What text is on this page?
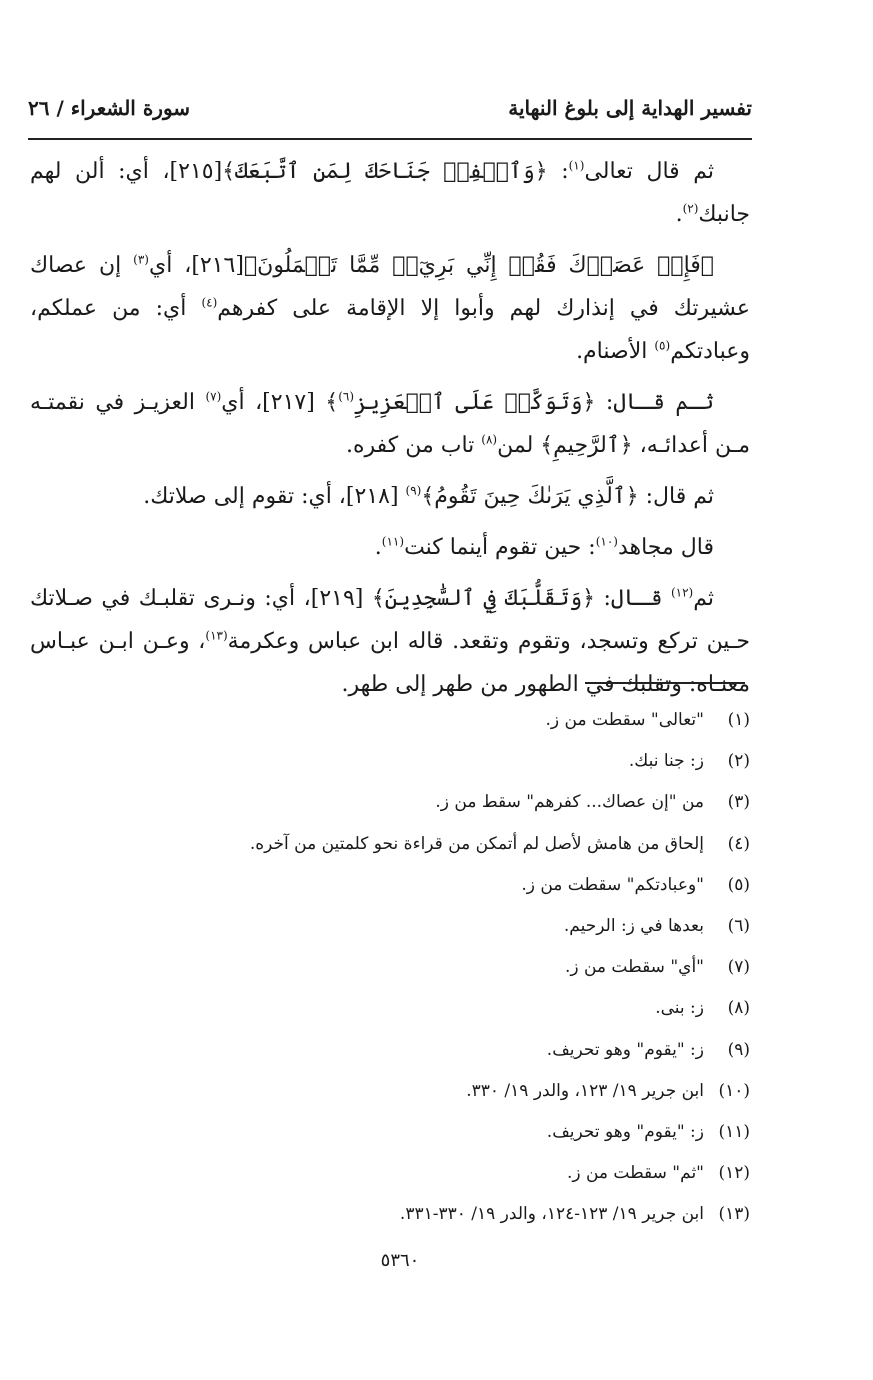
تفسير الهداية إلى بلوغ النهاية
سورة الشعراء / ٢٦

ثم قال تعالى$^{(١)}$: ﴿وَٱخۡفِضۡ جَنَاحَكَ لِمَنِ ٱتَّبَعَكَ﴾[٢١٥]، أي: ألن لهم جانبك$^{(٢)}$.

﴿فَإِنۡ عَصَوۡكَ فَقُلۡ إِنِّي بَرِيٓءٞ مِّمَّا تَعۡمَلُونَ﴾[٢١٦]، أي$^{(٣)}$ إن عصاك عشيرتك في إنذارك لهم وأبوا إلا الإقامة على كفرهم$^{(٤)}$ أي: من عملكم، وعبادتكم$^{(٥)}$ الأصنام.

ثـم قـال: ﴿وَتَوَكَّلۡ عَلَى ٱلۡعَزِيزِ$^{(٦)}$﴾ [٢١٧]، أي$^{(٧)}$ العزيـز في نقمتـه مـن أعدائـه، ﴿ٱلرَّحِيمِ﴾ لمن$^{(٨)}$ تاب من كفره.

ثم قال: ﴿ٱلَّذِي يَرَىٰكَ حِينَ تَقُومُ﴾$^{(٩)}$ [٢١٨]، أي: تقوم إلى صلاتك.

قال مجاهد$^{(١٠)}$: حين تقوم أينما كنت$^{(١١)}$.

ثم$^{(١٢)}$ قـال: ﴿وَتَقَلُّبَكَ فِي ٱلسَّٰجِدِينَ﴾ [٢١٩]، أي: ونـرى تقلبـك في صـلاتك حـين تركع وتسجد، وتقوم وتقعد. قاله ابن عباس وعكرمة$^{(١٣)}$، وعـن ابـن عبـاس معنـاه: وتقلبك في الطهور من طهر إلى طهر.

(١)"تعالى" سقطت من ز.
(٢)ز: جنا نبك.
(٣)من "إن عصاك... كفرهم" سقط من ز.
(٤)إلحاق من هامش لأصل لم أتمكن من قراءة نحو كلمتين من آخره.
(٥)"وعبادتكم" سقطت من ز.
(٦)بعدها في ز: الرحيم.
(٧)"أي" سقطت من ز.
(٨)ز: بنى.
(٩)ز: "يقوم" وهو تحريف.
(١٠)ابن جرير ١٩/ ١٢٣، والدر ١٩/ ٣٣٠.
(١١)ز: "يقوم" وهو تحريف.
(١٢)"ثم" سقطت من ز.
(١٣)ابن جرير ١٩/ ١٢٣-١٢٤، والدر ١٩/ ٣٣٠-٣٣١.
٥٣٦٠
